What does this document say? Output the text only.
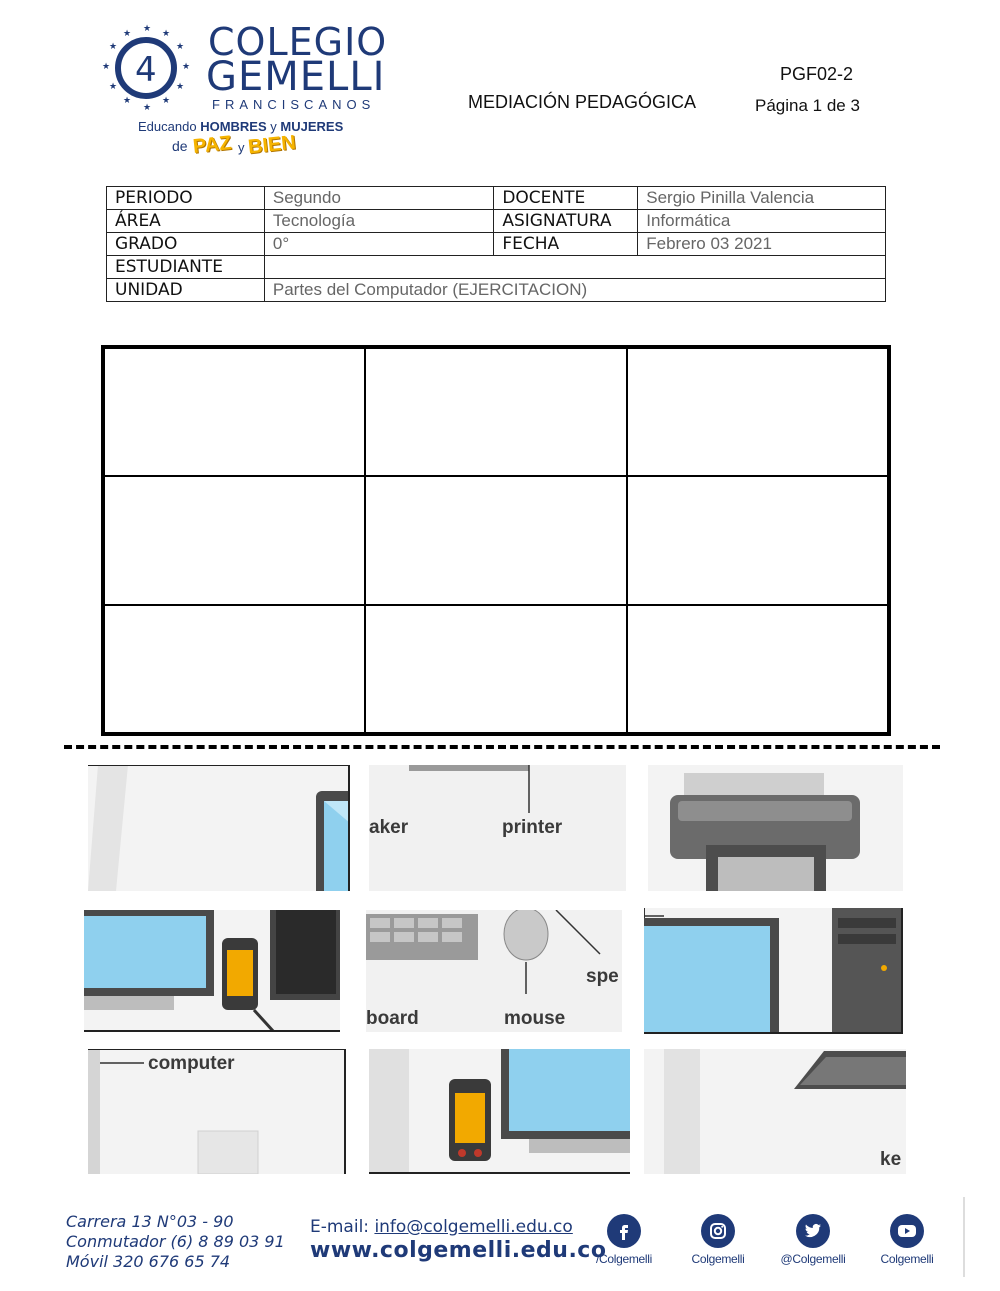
★ ★
★
★
★
★
★
★
★
★
★
★
4
COLEGIO
GEMELLI
FRANCISCANOS
Educando HOMBRES y MUJERES
de PAZ y BIEN
MEDIACIÓN PEDAGÓGICA
PGF02-2
Página 1 de 3
PERIODO	Segundo	DOCENTE	Sergio Pinilla Valencia
ÁREA	Tecnología	ASIGNATURA	Informática
GRADO	0°	FECHA	Febrero 03 2021
ESTUDIANTE			
UNIDAD	Partes del Computador (EJERCITACION)		
aker	printer
spe
board	mouse
computer
ke
Carrera 13 N°03 - 90
Conmutador (6) 8 89 03 91
Móvil 320 676 65 74
E-mail: info@colgemelli.edu.co
www.colgemelli.edu.co
/Colgemelli	Colgemelli	@Colgemelli	Colgemelli
